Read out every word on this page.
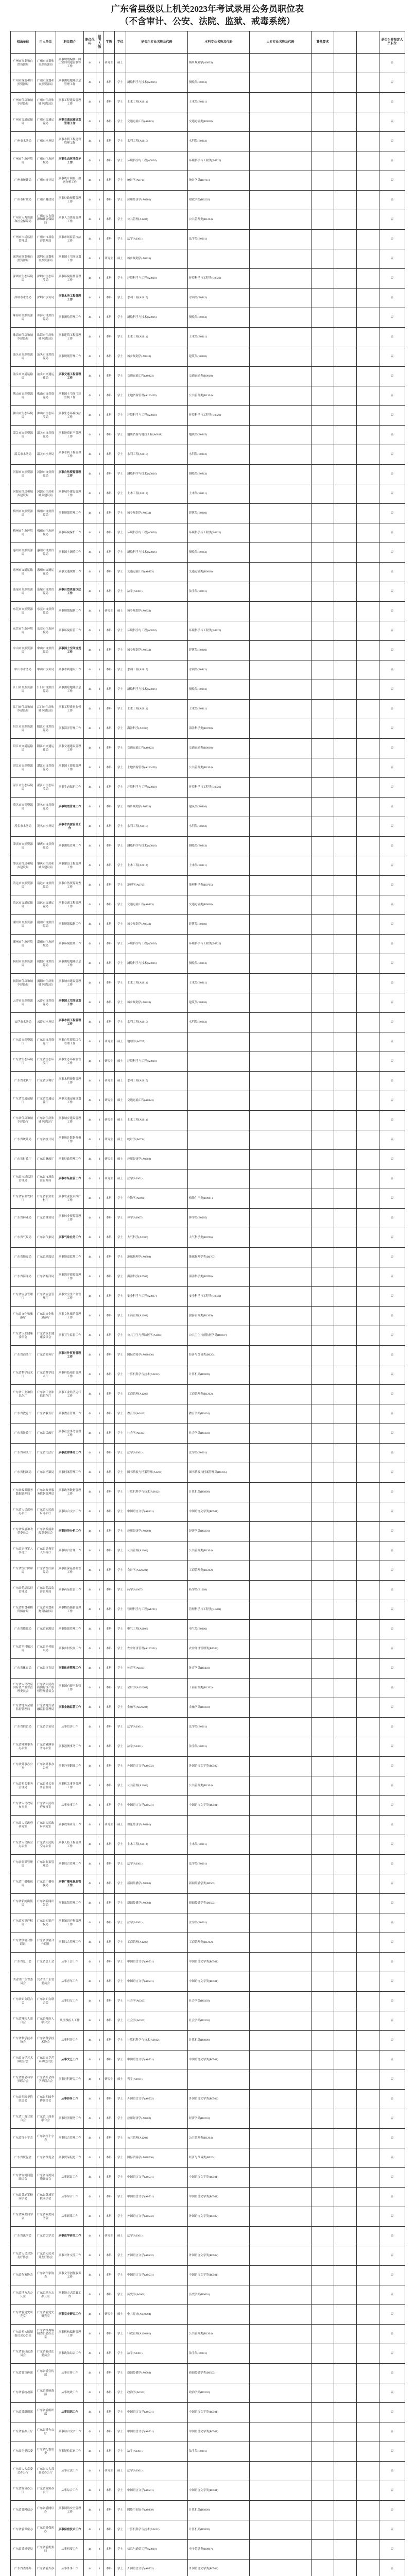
广东省县级以上机关2023年考试录用公务员职位表
（不含审计、公安、法院、监狱、戒毒系统）
招录单位	用人单位	职位简介	职位代码	招考人数	学历	学位	研究生专业名称及代码	本科专业名称及代码	大专专业名称及代码	其他要求			是否为非限定人员职位
广州市规划和自然资源局	广州市规划和自然资源局	从事规划编制、国土空间用途管制等工作	44	1	研究生	硕士		城乡规划学(A0833)					否
广州市规划和自然资源局	广州市规划和自然资源局	从事测绘地理信息管理工作	44	1	本科	学士	测绘科学与技术(A0816)	测绘类(B0813)					否
广州市住房和城乡建设局	广州市住房和城乡建设局	从事工程建设管理工作	44	1	本科	学士	土木工程(A0814)	土木类(B0811)					否
广州市交通运输局	广州市交通运输局	从事交通运输规划管理工作	44	1	本科	学士	交通运输工程(A0823)	交通运输类(B0818)					否
广州市水务局	广州市水务局	从事水利工程建设管理工作	44	1	本科	学士	水利工程(A0815)	水利类(B0812)					否
广州市生态环境局	广州市生态环境局	从事生态环境保护工作	44	1	本科	学士	环境科学与工程(A0830)	环境科学与工程类(B0826)					否
广州市统计局	广州市统计局	从事统计调查、数据分析工作	44	1	本科	学士	统计学(A0714)	统计学类(B0711)					否
广州市财政局	广州市财政局	从事财政预算管理工作	44	1	本科	学士	应用经济学(A0202)	财政学类(B0202)					否
广州市人力资源和社会保障局	广州市人力资源和社会保障局	从事人力资源管理工作	44	1	本科	学士	公共管理(A1204)	公共管理类(B1204)					否
广州市市场监督管理局	广州市市场监督管理局	从事市场监管执法工作	44	1	本科	学士	法学(A0301)	法学类(B0301)					否
深圳市规划和自然资源局	深圳市规划和自然资源局	从事国土空间规划工作	44	1	研究生	硕士	城乡规划学(A0833)						否
深圳市生态环境局	深圳市生态环境局	从事环境监测管理工作	44	1	本科	学士	环境科学与工程(A0830)	环境科学与工程类(B0826)					否
深圳市水务局	深圳市水务局	从事水务工程管理工作	44	1	本科	学士	水利工程(A0815)	水利类(B0812)					否
珠海市自然资源局	珠海市自然资源局	从事测绘管理工作	44	1	本科	学士	测绘科学与技术(A0816)	测绘类(B0813)					否
珠海市住房和城乡建设局	珠海市住房和城乡建设局	从事建筑工程管理工作	44	1	本科	学士	土木工程(A0814)	土木类(B0811)					否
汕头市自然资源局	汕头市自然资源局	从事规划管理工作	44	1	本科	学士	城乡规划学(A0833)	建筑类(B0810)					否
汕头市交通运输局	汕头市交通运输局	从事交通工程管理工作	44	1	本科	学士	交通运输工程(A0823)	交通运输类(B0818)					否
佛山市自然资源局	佛山市自然资源局	从事国土空间用途管制工作	44	1	本科	学士	土地资源管理(A120405)	公共管理类(B1204)					否
佛山市生态环境局	佛山市生态环境局	从事生态环境执法工作	44	1	本科	学士	环境科学与工程(A0830)	环境科学与工程类(B0826)					否
韶关市自然资源局	韶关市自然资源局	从事地质矿产管理工作	44	1	本科	学士	地质资源与地质工程(A0818)	地质类(B0815)					否
韶关市水务局	韶关市水务局	从事水利工程管理工作	44	1	本科	学士	水利工程(A0815)	水利类(B0812)					否
河源市自然资源局	河源市自然资源局	从事自然资源管理工作	44	1	本科	学士	测绘科学与技术(A0816)	测绘类(B0813)					否
河源市住房和城乡建设局	河源市住房和城乡建设局	从事城乡建设管理工作	44	1	本科	学士	土木工程(A0814)	土木类(B0811)					否
梅州市自然资源局	梅州市自然资源局	从事规划管理工作	44	1	本科	学士	城乡规划学(A0833)	建筑类(B0810)					否
梅州市生态环境局	梅州市生态环境局	从事环境保护工作	44	1	本科	学士	环境科学与工程(A0830)	环境科学与工程类(B0826)					否
惠州市自然资源局	惠州市自然资源局	从事国土测绘工作	44	1	本科	学士	测绘科学与技术(A0816)	测绘类(B0813)					否
惠州市交通运输局	惠州市交通运输局	从事交通规划工作	44	1	本科	学士	交通运输工程(A0823)	交通运输类(B0818)					否
汕尾市自然资源局	汕尾市自然资源局	从事自然资源执法工作	44	1	本科	学士	法学(A0301)	法学类(B0301)					否
东莞市自然资源局	东莞市自然资源局	从事规划编制工作	44	1	研究生	硕士	城乡规划学(A0833)						否
东莞市生态环境局	东莞市生态环境局	从事环境监管工作	44	1	本科	学士	环境科学与工程(A0830)	环境科学与工程类(B0826)					否
中山市自然资源局	中山市自然资源局	从事国土空间规划工作	44	1	本科	学士	城乡规划学(A0833)	建筑类(B0810)					否
中山市水务局	中山市水务局	从事水利建设工作	44	1	本科	学士	水利工程(A0815)	水利类(B0812)					否
江门市自然资源局	江门市自然资源局	从事测绘地理信息工作	44	1	本科	学士	测绘科学与技术(A0816)	测绘类(B0813)					否
江门市住房和城乡建设局	江门市住房和城乡建设局	从事工程质量监督工作	44	1	本科	学士	土木工程(A0814)	土木类(B0811)					否
阳江市自然资源局	阳江市自然资源局	从事海洋管理工作	44	1	本科	学士	海洋科学(A0707)	海洋科学类(B0708)					否
阳江市交通运输局	阳江市交通运输局	从事交通建设管理工作	44	1	本科	学士	交通运输工程(A0823)	交通运输类(B0818)					否
湛江市自然资源局	湛江市自然资源局	从事国土资源管理工作	44	1	本科	学士	土地资源管理(A120405)	公共管理类(B1204)					否
湛江市生态环境局	湛江市生态环境局	从事生态保护工作	44	1	本科	学士	环境科学与工程(A0830)	环境科学与工程类(B0826)					否
茂名市自然资源局	茂名市自然资源局	从事规划管理工作	44	1	本科	学士	城乡规划学(A0833)	建筑类(B0810)					否
茂名市水务局	茂名市水务局	从事水资源管理工作	44	1	本科	学士	水利工程(A0815)	水利类(B0812)					否
肇庆市自然资源局	肇庆市自然资源局	从事测绘管理工作	44	1	本科	学士	测绘科学与技术(A0816)	测绘类(B0813)					否
肇庆市住房和城乡建设局	肇庆市住房和城乡建设局	从事建设工程管理工作	44	1	本科	学士	土木工程(A0814)	土木类(B0811)					否
清远市自然资源局	清远市自然资源局	从事自然资源调查工作	44	1	本科	学士	地理学(A0705)	地理科学类(B0705)					否
清远市交通运输局	清远市交通运输局	从事交通工程管理工作	44	1	本科	学士	交通运输工程(A0823)	交通运输类(B0818)					否
潮州市自然资源局	潮州市自然资源局	从事规划编制工作	44	1	本科	学士	城乡规划学(A0833)	建筑类(B0810)					否
潮州市生态环境局	潮州市生态环境局	从事环境监测工作	44	1	本科	学士	环境科学与工程(A0830)	环境科学与工程类(B0826)					否
揭阳市自然资源局	揭阳市自然资源局	从事测绘地理信息工作	44	1	本科	学士	测绘科学与技术(A0816)	测绘类(B0813)					否
揭阳市住房和城乡建设局	揭阳市住房和城乡建设局	从事城市建设管理工作	44	1	本科	学士	土木工程(A0814)	土木类(B0811)					否
云浮市自然资源局	云浮市自然资源局	从事国土空间规划工作	44	1	本科	学士	城乡规划学(A0833)	建筑类(B0810)					否
云浮市水务局	云浮市水务局	从事水利工程管理工作	44	1	本科	学士	水利工程(A0815)	水利类(B0812)					否
广东省自然资源厅	广东省自然资源厅	从事自然资源综合管理工作	44	1	研究生	硕士	地理学(A0705)						否
广东省生态环境厅	广东省生态环境厅	从事生态环境监管工作	44	1	研究生	硕士	环境科学与工程(A0830)						否
广东省水利厅	广东省水利厅	从事水利规划管理工作	44	1	研究生	硕士	水利工程(A0815)						否
广东省交通运输厅	广东省交通运输厅	从事交通运输规划工作	44	1	研究生	硕士	交通运输工程(A0823)						否
广东省住房和城乡建设厅	广东省住房和城乡建设厅	从事城乡建设管理工作	44	1	研究生	硕士	土木工程(A0814)						否
广东省统计局	广东省统计局	从事统计数据分析工作	44	1	研究生	硕士	统计学(A0714)						否
广东省财政厅	广东省财政厅	从事财政管理工作	44	1	研究生	硕士	应用经济学(A0202)						否
广东省市场监督管理局	广东省市场监督管理局	从事市场监管工作	44	1	研究生	硕士	法学(A0301)						否
广东省农业农村厅	广东省农业农村厅	从事农业技术推广工作	44	1	本科	学士	作物学(A0901)	植物生产类(B0901)					否
广东省林业局	广东省林业局	从事林业资源管理工作	44	1	本科	学士	林学(A0907)	林学类(B0905)					否
广东省气象局	广东省气象局	从事气象业务工作	44	1	本科	学士	大气科学(A0706)	大气科学类(B0706)					否
广东省地震局	广东省地震局	从事地震监测工作	44	1	本科	学士	地球物理学(A0708)	地球物理学类(B0707)					否
广东省海洋局	广东省海洋局	从事海洋资源管理工作	44	1	本科	学士	海洋科学(A0707)	海洋科学类(B0708)					否
广东省应急管理厅	广东省应急管理厅	从事安全生产监管工作	44	1	本科	学士	安全科学与工程(A0837)	安全科学与工程类(B0830)					否
广东省文化和旅游厅	广东省文化和旅游厅	从事文化旅游管理工作	44	1	本科	学士	工商管理(A1202)	旅游管理类(B1209)					否
广东省卫生健康委员会	广东省卫生健康委员会	从事卫生监督工作	44	1	本科	学士	公共卫生与预防医学(A1004)	公共卫生与预防医学类(B1007)					否
广东省商务厅	广东省商务厅	从事对外贸易管理工作	44	1	本科	学士	国际贸易学(A020206)	经济与贸易类(B0204)					否
广东省科学技术厅	广东省科学技术厅	从事科技项目管理工作	44	1	本科	学士	计算机科学与技术(A0812)	计算机类(B0809)					否
广东省工业和信息化厅	广东省工业和信息化厅	从事工业经济运行工作	44	1	本科	学士	工商管理(A1202)	工商管理类(B1202)					否
广东省教育厅	广东省教育厅	从事教育管理工作	44	1	本科	学士	教育学(A0401)	教育学类(B0401)					否
广东省民政厅	广东省民政厅	从事社会事务管理工作	44	1	本科	学士	社会学(A0303)	社会学类(B0303)					否
广东省司法厅	广东省司法厅	从事法律事务工作	44	1	本科	学士	法学(A0301)	法学类(B0301)					否
广东省档案局	广东省档案局	从事档案管理工作	44	1	本科	学士	图书情报与档案管理(A1205)	图书情报与档案管理类(B1205)					否
广东省政务服务数据管理局	广东省政务服务数据管理局	从事政务数据管理工作	44	1	本科	学士	计算机科学与技术(A0812)	计算机类(B0809)					否
广东省人民政府办公厅	广东省人民政府办公厅	从事综合文字工作	44	1	本科	学士	中国语言文学(A0501)	中国语言文学类(B0501)					否
广东省发展和改革委员会	广东省发展和改革委员会	从事经济分析工作	44	1	本科	学士	应用经济学(A0202)	经济学类(B0201)					否
广东省退役军人事务厅	广东省退役军人事务厅	从事综合管理工作	44	1	本科	学士	公共管理(A1204)	公共管理类(B1204)					否
广东省医疗保障局	广东省医疗保障局	从事医保基金监管工作	44	1	本科	学士	会计学(A120201)	工商管理类(B1202)					否
广东省药品监督管理局	广东省药品监督管理局	从事药品监管工作	44	1	本科	学士	药学(A1007)	药学类(B1008)					否
广东省粮食和物资储备局	广东省粮食和物资储备局	从事物资储备管理工作	44	1	本科	学士	管理科学与工程(A1201)	管理科学与工程类(B1201)					否
广东省能源局	广东省能源局	从事能源管理工作	44	1	本科	学士	电气工程(A0808)	电气类(B0806)					否
广东省乡村振兴局	广东省乡村振兴局	从事乡村发展工作	44	1	本科	学士	农业经济管理(A120301)	农业经济管理类(B1203)					否
广东省体育局	广东省体育局	从事体育管理工作	44	1	本科	学士	体育学(A0403)	体育学类(B0403)					否
广东省人民政府国有资产监督管理委员会	广东省人民政府国有资产监督管理委员会	从事国有资产监管工作	44	1	本科	学士	会计学(A120201)	工商管理类(B1202)					否
广东省地方金融监督管理局	广东省地方金融监督管理局	从事金融监管工作	44	1	本科	学士	金融学(A020204)	金融学类(B0203)					否
广东省信访局	广东省信访局	从事信访工作	44	1	本科	学士	法学(A0301)	法学类(B0301)					否
广东省港澳事务办公室	广东省港澳事务办公室	从事港澳事务工作	44	1	本科	学士	法学(A0301)	法学类(B0301)					否
广东省外事办公室	广东省外事办公室	从事外事翻译工作	44	1	本科	学士	外国语言文学(A0502)	外国语言文学类(B0502)					否
广东省机关事务管理局	广东省机关事务管理局	从事机关事务管理工作	44	1	本科	学士	公共管理(A1204)	公共管理类(B1204)					否
广东省人民政府参事室	广东省人民政府参事室	从事参事工作	44	1	本科	学士	中国语言文学(A0501)	中国语言文学类(B0501)					否
广东省人民政府研究室	广东省人民政府研究室	从事政策研究工作	44	1	研究生	硕士	理论经济学(A0201)						否
广东省人民防空办公室	广东省人民防空办公室	从事人防工程管理工作	44	1	本科	学士	土木工程(A0814)	土木类(B0811)					否
广东省监狱管理局	广东省监狱管理局	从事综合管理工作	44	1	本科	学士	法学(A0301)	法学类(B0301)					否
广东省广播电视局	广东省广播电视局	从事广播电视监管工作	44	1	本科	学士	新闻传播学(A0503)	新闻传播学类(B0503)					否
广东省新闻出版局	广东省新闻出版局	从事出版管理工作	44	1	本科	学士	新闻传播学(A0503)	新闻传播学类(B0503)					否
广东省知识产权局	广东省知识产权局	从事知识产权管理工作	44	1	本科	学士	法学(A0301)	法学类(B0301)					否
广东省供销合作联社	广东省供销合作联社	从事综合管理工作	44	1	本科	学士	工商管理(A1202)	工商管理类(B1202)					否
广东省总工会	广东省总工会	从事工会工作	44	1	本科	学士	中国语言文学(A0501)	中国语言文学类(B0501)					否
共青团广东省委员会	共青团广东省委员会	从事青年工作	44	1	本科	学士	中国语言文学(A0501)	中国语言文学类(B0501)					否
广东省妇女联合会	广东省妇女联合会	从事妇女工作	44	1	本科	学士	社会学(A0303)	社会学类(B0303)					否
广东省残疾人联合会	广东省残疾人联合会	从事残疾人工作	44	1	本科	学士	社会学(A0303)	社会学类(B0303)					否
广东省科学技术协会	广东省科学技术协会	从事科普工作	44	1	本科	学士	计算机科学与技术(A0812)	计算机类(B0809)					否
广东省文学艺术界联合会	广东省文学艺术界联合会	从事文艺工作	44	1	本科	学士	中国语言文学(A0501)	中国语言文学类(B0501)					否
广东省社会科学界联合会	广东省社会科学界联合会	从事社科研究工作	44	1	研究生	硕士	哲学(A0101)						否
广东省归国华侨联合会	广东省归国华侨联合会	从事侨务工作	44	1	本科	学士	外国语言文学(A0502)	外国语言文学类(B0502)					否
广东省工商业联合会	广东省工商业联合会	从事经济服务工作	44	1	本科	学士	应用经济学(A0202)	经济学类(B0201)					否
广东省红十字会	广东省红十字会	从事综合管理工作	44	1	本科	学士	公共管理(A1204)	公共管理类(B1204)					否
广东省贸促会	广东省贸促会	从事贸易促进工作	44	1	本科	学士	国际贸易学(A020206)	经济与贸易类(B0204)					否
广东省台湾同胞联谊会	广东省台湾同胞联谊会	从事联谊工作	44	1	本科	学士	中国语言文学(A0501)	中国语言文学类(B0501)					否
广东省黄埔军校同学会	广东省黄埔军校同学会	从事综合工作	44	1	本科	学士	中国语言文学(A0501)	中国语言文学类(B0501)					否
广东省欧美同学会	广东省欧美同学会	从事联络工作	44	1	本科	学士	外国语言文学(A0502)	外国语言文学类(B0502)					否
广东省法学会	广东省法学会	从事法学研究工作	44	1	研究生	硕士	法学(A0301)						否
广东省人民对外友好协会	广东省人民对外友好协会	从事对外交流工作	44	1	本科	学士	外国语言文学(A0502)	外国语言文学类(B0502)					否
广东省作家协会	广东省作家协会	从事文学创作服务工作	44	1	本科	学士	中国语言文学(A0501)	中国语言文学类(B0501)					否
广东省地方志办公室	广东省地方志办公室	从事地方志编纂工作	44	1	本科	学士	历史学(A0601)	历史学类(B0601)					否
广东省委党史研究室	广东省委党史研究室	从事党史研究工作	44	1	研究生	硕士	中共党史(A030204)						否
广东省机构编制委员会办公室	广东省机构编制委员会办公室	从事机构编制管理工作	44	1	本科	学士	行政管理(A120401)	公共管理类(B1204)					否
广东省委政法委员会	广东省委政法委员会	从事政法综合工作	44	1	本科	学士	法学(A0301)	法学类(B0301)					否
广东省委宣传部	广东省委宣传部	从事宣传工作	44	1	本科	学士	新闻传播学(A0503)	新闻传播学类(B0503)					否
广东省委统战部	广东省委统战部	从事统战工作	44	1	本科	学士	政治学(A0302)	政治学类(B0302)					否
广东省委组织部	广东省委组织部	从事组织工作	44	1	本科	学士	中国语言文学(A0501)	中国语言文学类(B0501)					否
广东省委办公厅	广东省委办公厅	从事综合文字工作	44	1	本科	学士	中国语言文学(A0501)	中国语言文学类(B0501)					否
广东省纪委监委	广东省纪委监委	从事纪检监察工作	44	1	本科	学士	法学(A0301)	法学类(B0301)					否
广东省人大常委会办公厅	广东省人大常委会办公厅	从事立法工作	44	1	研究生	硕士	法学(A0301)						否
广东省政协办公厅	广东省政协办公厅	从事综合工作	44	1	本科	学士	中国语言文学(A0501)	中国语言文学类(B0501)					否
广东省委网信办	广东省委网信办	从事网络安全管理工作	44	1	本科	学士	网络空间安全(A0839)	计算机类(B0809)					否
广东省委保密办	广东省委保密办	从事保密技术工作	44	1	本科	学士	计算机科学与技术(A0812)	计算机类(B0809)					否
广东省委机要局	广东省委机要局	从事机要工作	44	1	本科	学士	信息与通信工程(A0810)	电子信息类(B0807)					否
广东省委外办	广东省委外办	从事外事工作	44	1	本科	学士	外国语言文学(A0502)	外国语言文学类(B0502)					否
